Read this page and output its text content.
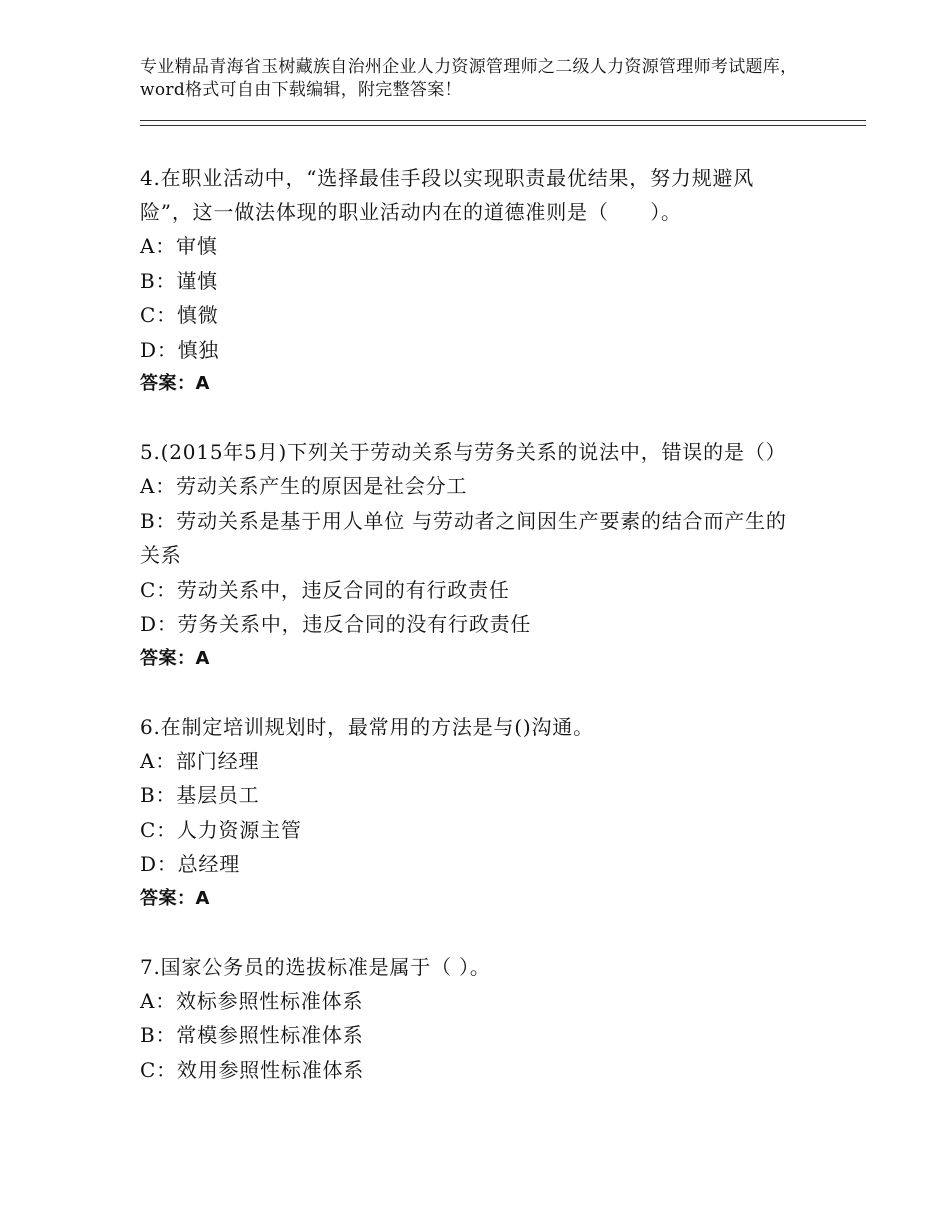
专业精品青海省玉树藏族自治州企业人力资源管理师之二级人力资源管理师考试题库，word格式可自由下载编辑，附完整答案！

4.在职业活动中，“选择最佳手段以实现职责最优结果，努力规避风险”，这一做法体现的职业活动内在的道德准则是（　　）。

A：审慎

B：谨慎

C：慎微

D：慎独

答案：A

5.(2015年5月)下列关于劳动关系与劳务关系的说法中，错误的是（）

A：劳动关系产生的原因是社会分工

B：劳动关系是基于用人单位 与劳动者之间因生产要素的结合而产生的关系

C：劳动关系中，违反合同的有行政责任

D：劳务关系中，违反合同的没有行政责任

答案：A

6.在制定培训规划时，最常用的方法是与()沟通。

A：部门经理

B：基层员工

C：人力资源主管

D：总经理

答案：A

7.国家公务员的选拔标准是属于（ ）。

A：效标参照性标准体系

B：常模参照性标准体系

C：效用参照性标准体系
